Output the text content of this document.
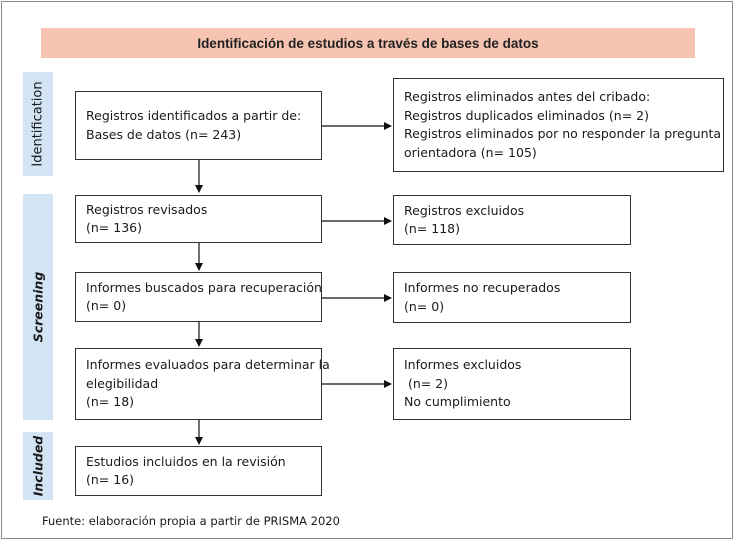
Identificación de estudios a través de bases de datos
Identification
Screening
Included
Registros identificados a partir de:
Bases de datos (n= 243)
Registros eliminados antes del cribado:
Registros duplicados eliminados (n= 2)
Registros eliminados por no responder la pregunta
orientadora (n= 105)
Registros revisados
(n= 136)
Registros excluidos
(n= 118)
Informes buscados para recuperación
(n= 0)
Informes no recuperados
(n= 0)
Informes evaluados para determinar la
elegibilidad
(n= 18)
Informes excluidos
(n= 2)
No cumplimiento
Estudios incluidos en la revisión
(n= 16)
Fuente: elaboración propia a partir de PRISMA 2020
